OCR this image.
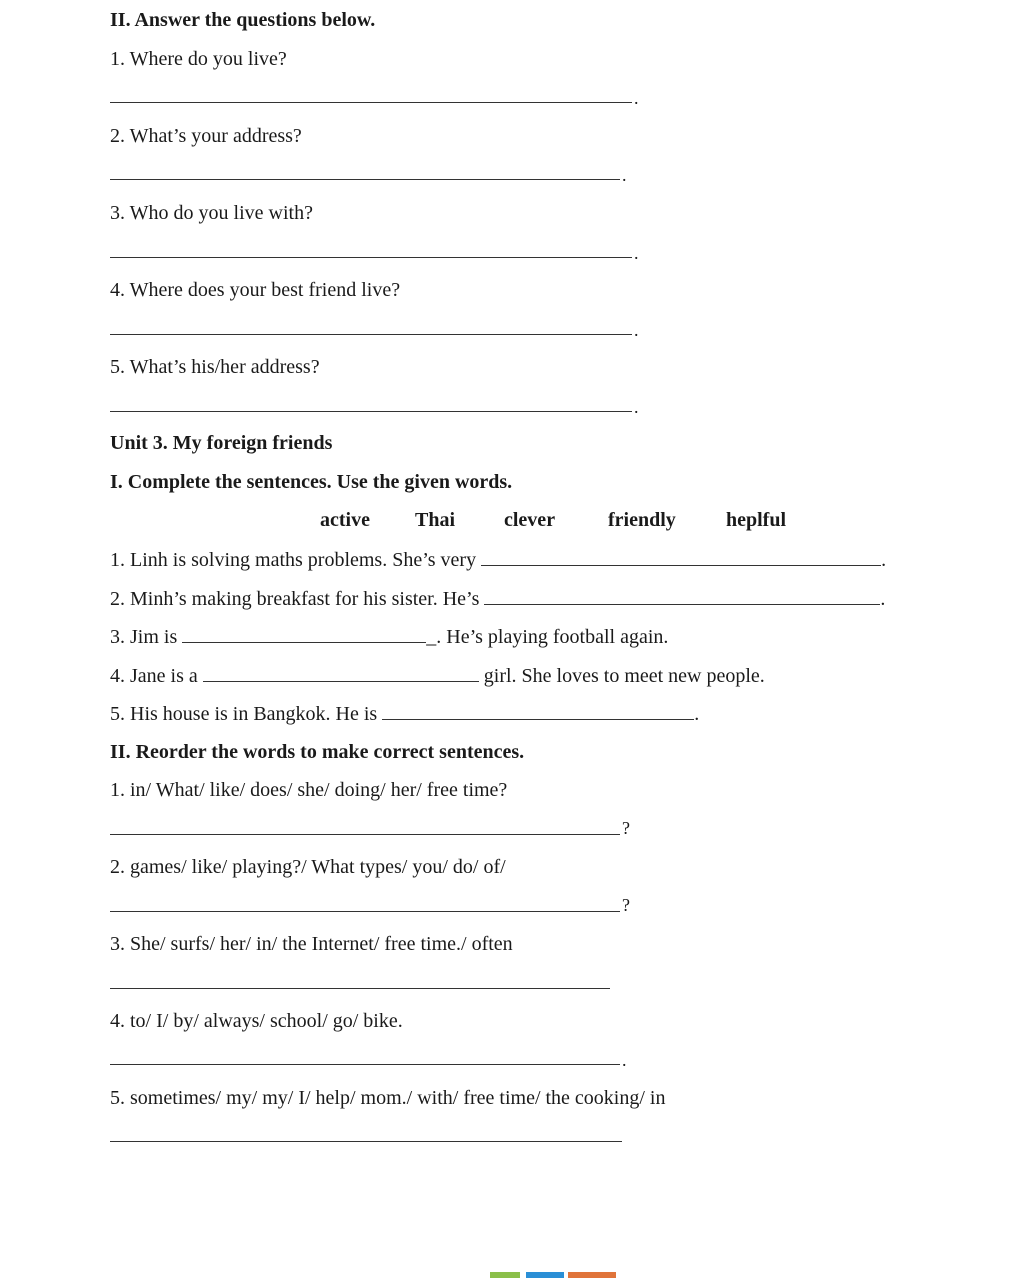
II. Answer the questions below.
1. Where do you live?
.
2. What’s your address?
.
3. Who do you live with?
.
4. Where does your best friend live?
.
5. What’s his/her address?
.
Unit 3. My foreign friends
I. Complete the sentences. Use the given words.
active Thai clever	friendly	heplful
1. Linh is solving maths problems. She’s very	.
2. Minh’s making breakfast for his sister. He’s	.
3. Jim is	_. He’s playing football again.
4. Jane is a	girl. She loves to meet new people.
5. His house is in Bangkok. He is	.
II. Reorder the words to make correct sentences.
1. in/ What/ like/ does/ she/ doing/ her/ free time?
?
2. games/ like/ playing?/ What types/ you/ do/ of/
?
3. She/ surfs/ her/ in/ the Internet/ free time./ often
4. to/ I/ by/ always/ school/ go/ bike.
.
5. sometimes/ my/ my/ I/ help/ mom./ with/ free time/ the cooking/ in
